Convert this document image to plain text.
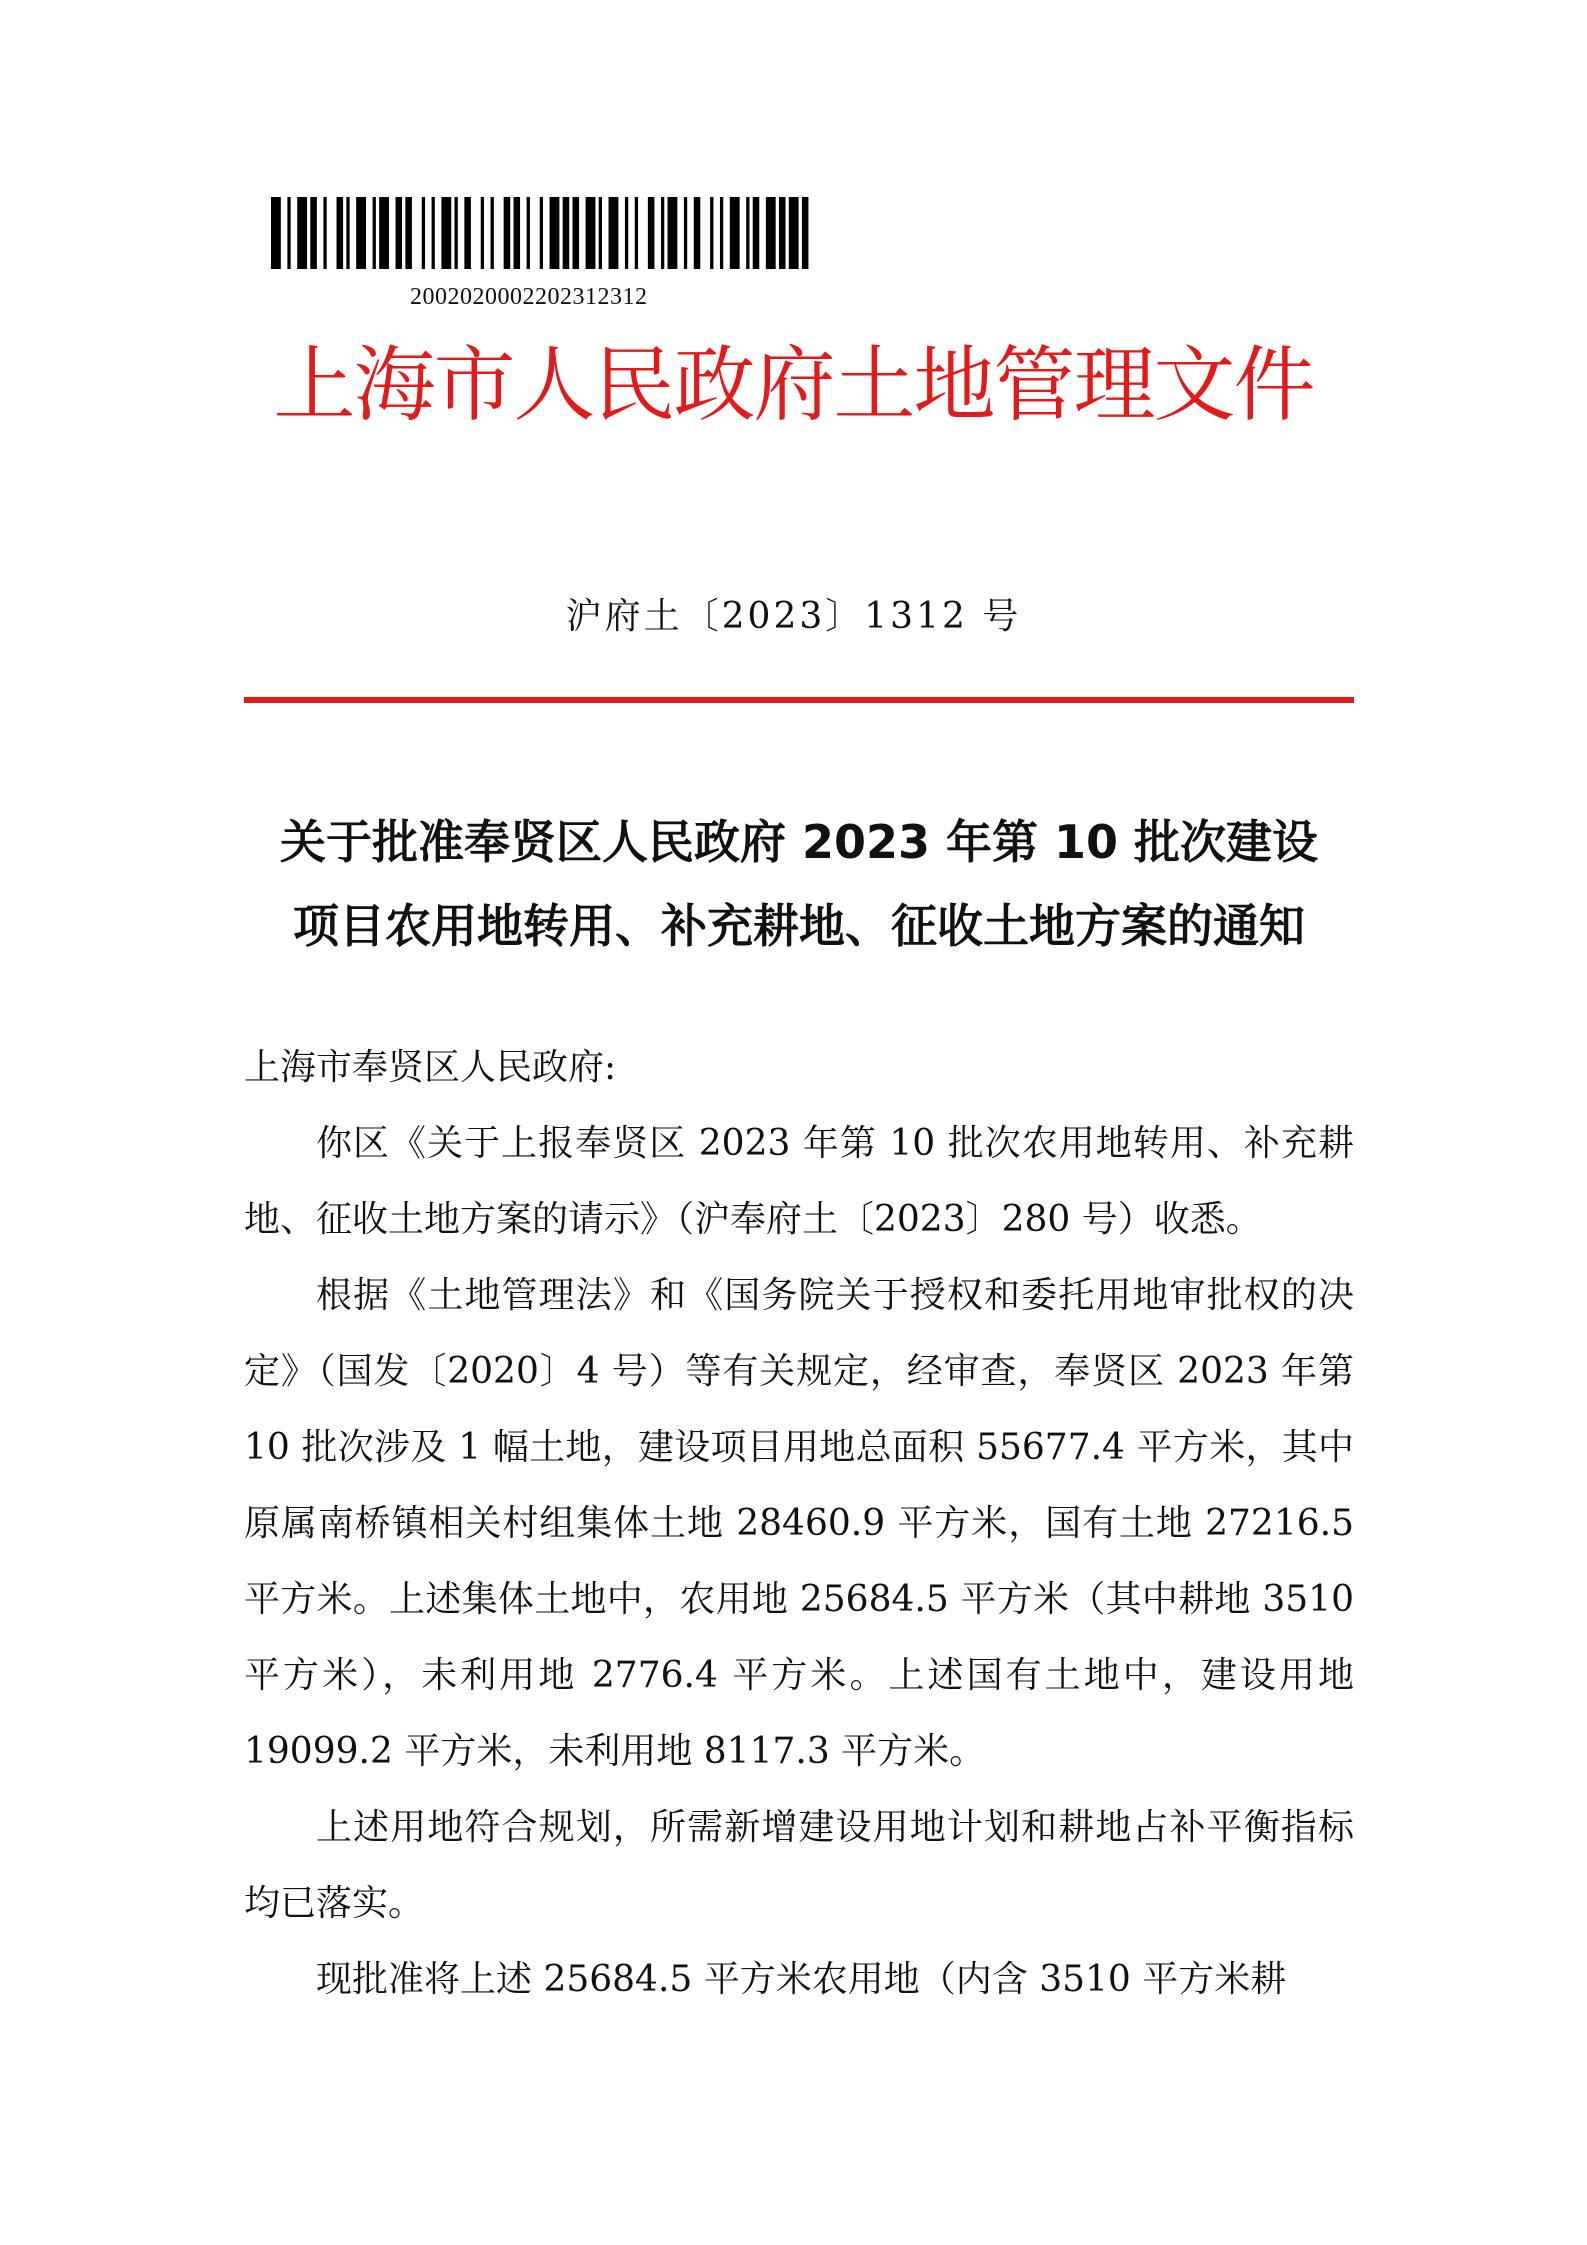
2002020002202312312
上海市人民政府土地管理文件
沪府土〔2023〕1312 号
关于批准奉贤区人民政府 2023 年第 10 批次建设
项目农用地转用、补充耕地、征收土地方案的通知

上海市奉贤区人民政府:

你区《关于上报奉贤区 2023 年第 10 批次农用地转用、补充耕地、征收土地方案的请示》（沪奉府土〔2023〕280 号）收悉。

根据《土地管理法》和《国务院关于授权和委托用地审批权的决定》（国发〔2020〕4 号）等有关规定，经审查，奉贤区 2023 年第 10 批次涉及 1 幅土地，建设项目用地总面积 55677.4 平方米，其中原属南桥镇相关村组集体土地 28460.9 平方米，国有土地 27216.5 平方米。上述集体土地中，农用地 25684.5 平方米（其中耕地 3510 平方米），未利用地 2776.4 平方米。上述国有土地中，建设用地 19099.2 平方米，未利用地 8117.3 平方米。

上述用地符合规划，所需新增建设用地计划和耕地占补平衡指标均已落实。

现批准将上述 25684.5 平方米农用地（内含 3510 平方米耕
